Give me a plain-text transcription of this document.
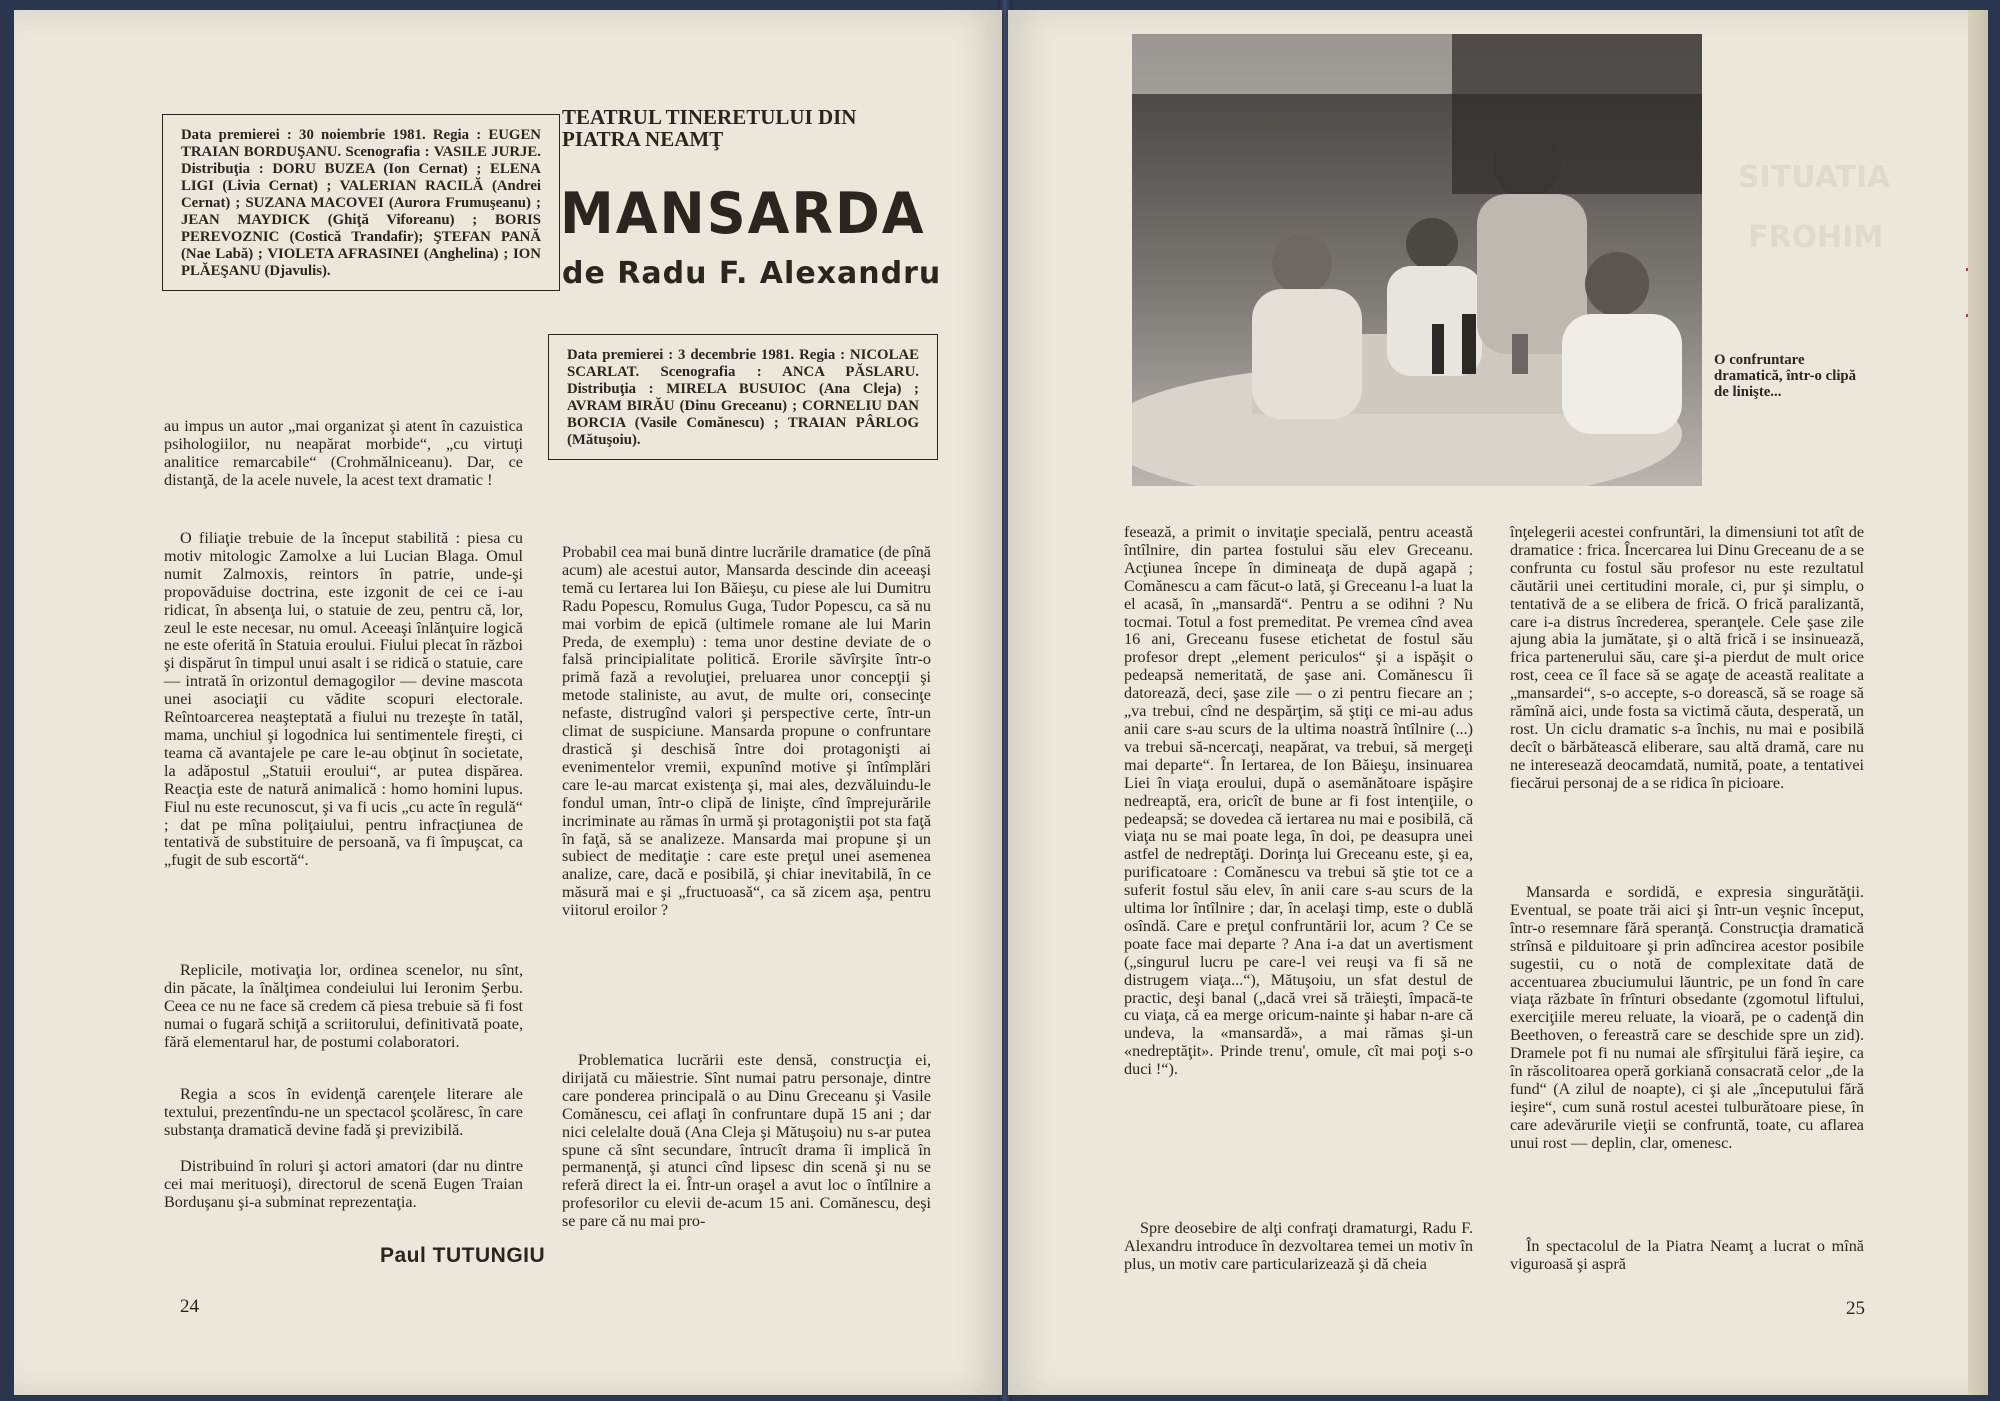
Data premierei : 30 noiembrie 1981. Regia : EUGEN TRAIAN BORDUŞANU. Scenografia : VASILE JURJE. Distribuţia : DORU BUZEA (Ion Cernat) ; ELENA LIGI (Livia Cernat) ; VALERIAN RACILĂ (Andrei Cernat) ; SUZANA MACOVEI (Aurora Frumuşeanu) ; JEAN MAYDICK (Ghiţă Viforeanu) ; BORIS PEREVOZNIC (Costică Trandafir); ŞTEFAN PANĂ (Nae Labă) ; VIOLETA AFRASINEI (Anghelina) ; ION PLĂEŞANU (Djavulis).

au impus un autor „mai organizat şi atent în cazuistica psihologiilor, nu neapărat morbide“, „cu virtuţi analitice remarcabile“ (Crohmălniceanu). Dar, ce distanţă, de la acele nuvele, la acest text dramatic !

O filiaţie trebuie de la început stabilită : piesa cu motiv mitologic Zamolxe a lui Lucian Blaga. Omul numit Zalmoxis, reintors în patrie, unde-şi propovăduise doctrina, este izgonit de cei ce i-au ridicat, în absenţa lui, o statuie de zeu, pentru că, lor, zeul le este necesar, nu omul. Aceeaşi înlănţuire logică ne este oferită în Statuia eroului. Fiului plecat în război şi dispărut în timpul unui asalt i se ridică o statuie, care — intrată în orizontul demagogilor — devine mascota unei asociaţii cu vădite scopuri electorale. Reîntoarcerea neaşteptată a fiului nu trezeşte în tatăl, mama, unchiul şi logodnica lui sentimentele fireşti, ci teama că avantajele pe care le-au obţinut în societate, la adăpostul „Statuii eroului“, ar putea dispărea. Reacţia este de natură animalică : homo homini lupus. Fiul nu este recunoscut, şi va fi ucis „cu acte în regulă“ ; dat pe mîna poliţaiului, pentru infracţiunea de tentativă de substituire de persoană, va fi împuşcat, ca „fugit de sub escortă“.

Replicile, motivaţia lor, ordinea scenelor, nu sînt, din păcate, la înălţimea condeiului lui Ieronim Şerbu. Ceea ce nu ne face să credem că piesa trebuie să fi fost numai o fugară schiţă a scriitorului, definitivată poate, fără elementarul har, de postumi colaboratori.

Regia a scos în evidenţă carenţele literare ale textului, prezentîndu-ne un spectacol şcolăresc, în care substanţa dramatică devine fadă şi previzibilă.

Distribuind în roluri şi actori amatori (dar nu dintre cei mai merituoşi), directorul de scenă Eugen Traian Borduşanu şi-a subminat reprezentaţia.

Paul TUTUNGIU
TEATRUL TINERETULUI DIN PIATRA NEAMŢ
MANSARDA
de Radu F. Alexandru

Data premierei : 3 decembrie 1981. Regia : NICOLAE SCARLAT. Scenografia : ANCA PĂSLARU. Distribuţia : MIRELA BUSUIOC (Ana Cleja) ; AVRAM BIRĂU (Dinu Greceanu) ; CORNELIU DAN BORCIA (Vasile Comănescu) ; TRAIAN PÂRLOG (Mătuşoiu).

Probabil cea mai bună dintre lucrările dramatice (de pînă acum) ale acestui autor, Mansarda descinde din aceeaşi temă cu Iertarea lui Ion Băieşu, cu piese ale lui Dumitru Radu Popescu, Romulus Guga, Tudor Popescu, ca să nu mai vorbim de epică (ultimele romane ale lui Marin Preda, de exemplu) : tema unor destine deviate de o falsă principialitate politică. Erorile săvîrşite într-o primă fază a revoluţiei, preluarea unor concepţii şi metode staliniste, au avut, de multe ori, consecinţe nefaste, distrugînd valori şi perspective certe, într-un climat de suspiciune. Mansarda propune o confruntare drastică şi deschisă între doi protagonişti ai evenimentelor vremii, expunînd motive şi întîmplări care le-au marcat existenţa şi, mai ales, dezvăluindu-le fondul uman, într-o clipă de linişte, cînd împrejurările incriminate au rămas în urmă şi protagoniştii pot sta faţă în faţă, să se analizeze. Mansarda mai propune şi un subiect de meditaţie : care este preţul unei asemenea analize, care, dacă e posibilă, şi chiar inevitabilă, în ce măsură mai e şi „fructuoasă“, ca să zicem aşa, pentru viitorul eroilor ?

Problematica lucrării este densă, construcţia ei, dirijată cu măiestrie. Sînt numai patru personaje, dintre care ponderea principală o au Dinu Greceanu şi Vasile Comănescu, cei aflaţi în confruntare după 15 ani ; dar nici celelalte două (Ana Cleja şi Mătuşoiu) nu s-ar putea spune că sînt secundare, întrucît drama îi implică în permanenţă, şi atunci cînd lipsesc din scenă şi nu se referă direct la ei. Într-un oraşel a avut loc o întîlnire a profesorilor cu elevii de-acum 15 ani. Comănescu, deşi se pare că nu mai pro-

24
SITUATIA
FROHIM
O confruntare dramatică, într-o clipă de linişte...

fesează, a primit o invitaţie specială, pentru această întîlnire, din partea fostului său elev Greceanu. Acţiunea începe în dimineaţa de după agapă ; Comănescu a cam făcut-o lată, şi Greceanu l-a luat la el acasă, în „mansardă“. Pentru a se odihni ? Nu tocmai. Totul a fost premeditat. Pe vremea cînd avea 16 ani, Greceanu fusese etichetat de fostul său profesor drept „element periculos“ şi a ispăşit o pedeapsă nemeritată, de şase ani. Comănescu îi datorează, deci, şase zile — o zi pentru fiecare an ; „va trebui, cînd ne despărţim, să ştiţi ce mi-au adus anii care s-au scurs de la ultima noastră întîlnire (...) va trebui să-ncercaţi, neapărat, va trebui, să mergeţi mai departe“. În Iertarea, de Ion Băieşu, insinuarea Liei în viaţa eroului, după o asemănătoare ispăşire nedreaptă, era, oricît de bune ar fi fost intenţiile, o pedeapsă; se dovedea că iertarea nu mai e posibilă, că viaţa nu se mai poate lega, în doi, pe deasupra unei astfel de nedreptăţi. Dorinţa lui Greceanu este, şi ea, purificatoare : Comănescu va trebui să ştie tot ce a suferit fostul său elev, în anii care s-au scurs de la ultima lor întîlnire ; dar, în acelaşi timp, este o dublă osîndă. Care e preţul confruntării lor, acum ? Ce se poate face mai departe ? Ana i-a dat un avertisment („singurul lucru pe care-l vei reuşi va fi să ne distrugem viaţa...“), Mătuşoiu, un sfat destul de practic, deşi banal („dacă vrei să trăieşti, împacă-te cu viaţa, că ea merge oricum-nainte şi habar n-are că undeva, la «mansardă», a mai rămas şi-un «nedreptăţit». Prinde trenu', omule, cît mai poţi s-o duci !“).

Spre deosebire de alţi confraţi dramaturgi, Radu F. Alexandru introduce în dezvoltarea temei un motiv în plus, un motiv care particularizează şi dă cheia

înţelegerii acestei confruntări, la dimensiuni tot atît de dramatice : frica. Încercarea lui Dinu Greceanu de a se confrunta cu fostul său profesor nu este rezultatul căutării unei certitudini morale, ci, pur şi simplu, o tentativă de a se elibera de frică. O frică paralizantă, care i-a distrus încrederea, speranţele. Cele şase zile ajung abia la jumătate, şi o altă frică i se insinuează, frica partenerului său, care şi-a pierdut de mult orice rost, ceea ce îl face să se agaţe de această realitate a „mansardei“, s-o accepte, s-o dorească, să se roage să rămînă aici, unde fosta sa victimă căuta, desperată, un rost. Un ciclu dramatic s-a închis, nu mai e posibilă decît o bărbătească eliberare, sau altă dramă, care nu ne interesează deocamdată, numită, poate, a tentativei fiecărui personaj de a se ridica în picioare.

Mansarda e sordidă, e expresia singurătăţii. Eventual, se poate trăi aici şi într-un veşnic început, într-o resemnare fără speranţă. Construcţia dramatică strînsă e pilduitoare şi prin adîncirea acestor posibile sugestii, cu o notă de complexitate dată de accentuarea zbuciumului lăuntric, pe un fond în care viaţa răzbate în frînturi obsedante (zgomotul liftului, exerciţiile mereu reluate, la vioară, pe o cadenţă din Beethoven, o fereastră care se deschide spre un zid). Dramele pot fi nu numai ale sfîrşitului fără ieşire, ca în răscolitoarea operă gorkiană consacrată celor „de la fund“ (A zilul de noapte), ci şi ale „începutului fără ieşire“, cum sună rostul acestei tulburătoare piese, în care adevărurile vieţii se confruntă, toate, cu aflarea unui rost — deplin, clar, omenesc.

În spectacolul de la Piatra Neamţ a lucrat o mînă viguroasă şi aspră

25
